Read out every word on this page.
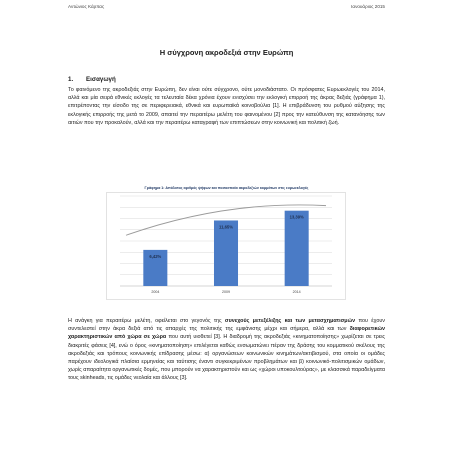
Αντώνιος Κάρπας	Ιανουάριος 2015
Η σύγχρονη ακροδεξιά στην Ευρώπη
1. Εισαγωγή

Το φαινόμενο της ακροδεξιάς στην Ευρώπη, δεν είναι ούτε σύγχρονο, ούτε μονοδιάστατο. Οι πρόσφατες Ευρωεκλογές του 2014, αλλά και μία σειρά εθνικές εκλογές τα τελευταία δέκα χρόνια έχουν ενισχύσει την εκλογική επιρροή της άκρας δεξιάς (γράφημα 1), επιτρέποντας την είσοδο της σε περιφερειακά, εθνικά και ευρωπαϊκά κοινοβούλια [1]. Η επιβράδυνση του ρυθμού αύξησης της εκλογικής επιρροής της μετά το 2009, απαιτεί την περαιτέρω μελέτη του φαινομένου [2] προς την κατεύθυνση της κατανόησης των αιτιών που την προκαλούν, αλλά και την περαιτέρω καταγραφή των επιπτώσεων στην κοινωνική και πολιτική ζωή.

Γράφημα 1: Απόλυτος αριθμός ψήφων και ποσοστιαία ακροδεξιών κομμάτων στις ευρωεκλογές
6,42%
2004
11,65%
2009
13,39%
2014

Η ανάγκη για περαιτέρω μελέτη, οφείλεται στο γεγονός της συνεχούς μετεξέλιξης και των μετασχηματισμών που έχουν συντελεστεί στην άκρα δεξιά από τις απαρχές της πολιτικής της εμφάνισης μέχρι και σήμερα, αλλά και των διαφορετικών χαρακτηριστικών από χώρα σε χώρα που αυτή υιοθετεί [3]. Η διαδρομή της ακροδεξιάς «κινηματοποίησης» χωρίζεται σε τρεις διακριτές φάσεις [4], ενώ ο όρος «κινηματοποίηση» επιλέγεται καθώς ενσωματώνει πέραν της δράσης του κομματικού σκέλους της ακροδεξιάς και τρόπους κοινωνικής επίδρασης μέσω: α) οργανώσεων κοινωνικών κινημάτων/ακτιβισμού, στα οποία οι ομάδες παρέχουν ιδεολογικά πλαίσια ερμηνείας και ταύτισης έναντι συγκεκριμένων προβλημάτων και β) κοινωνικό-πολιτισμικών ομάδων, χωρίς απαραίτητα οργανωτικές δομές, που μπορούν να χαρακτηριστούν και ως «χώροι υποκουλτούρας», με κλασσικά παραδείγματα τους skinheads, τις ομάδες νεολαία και άλλους [3].
